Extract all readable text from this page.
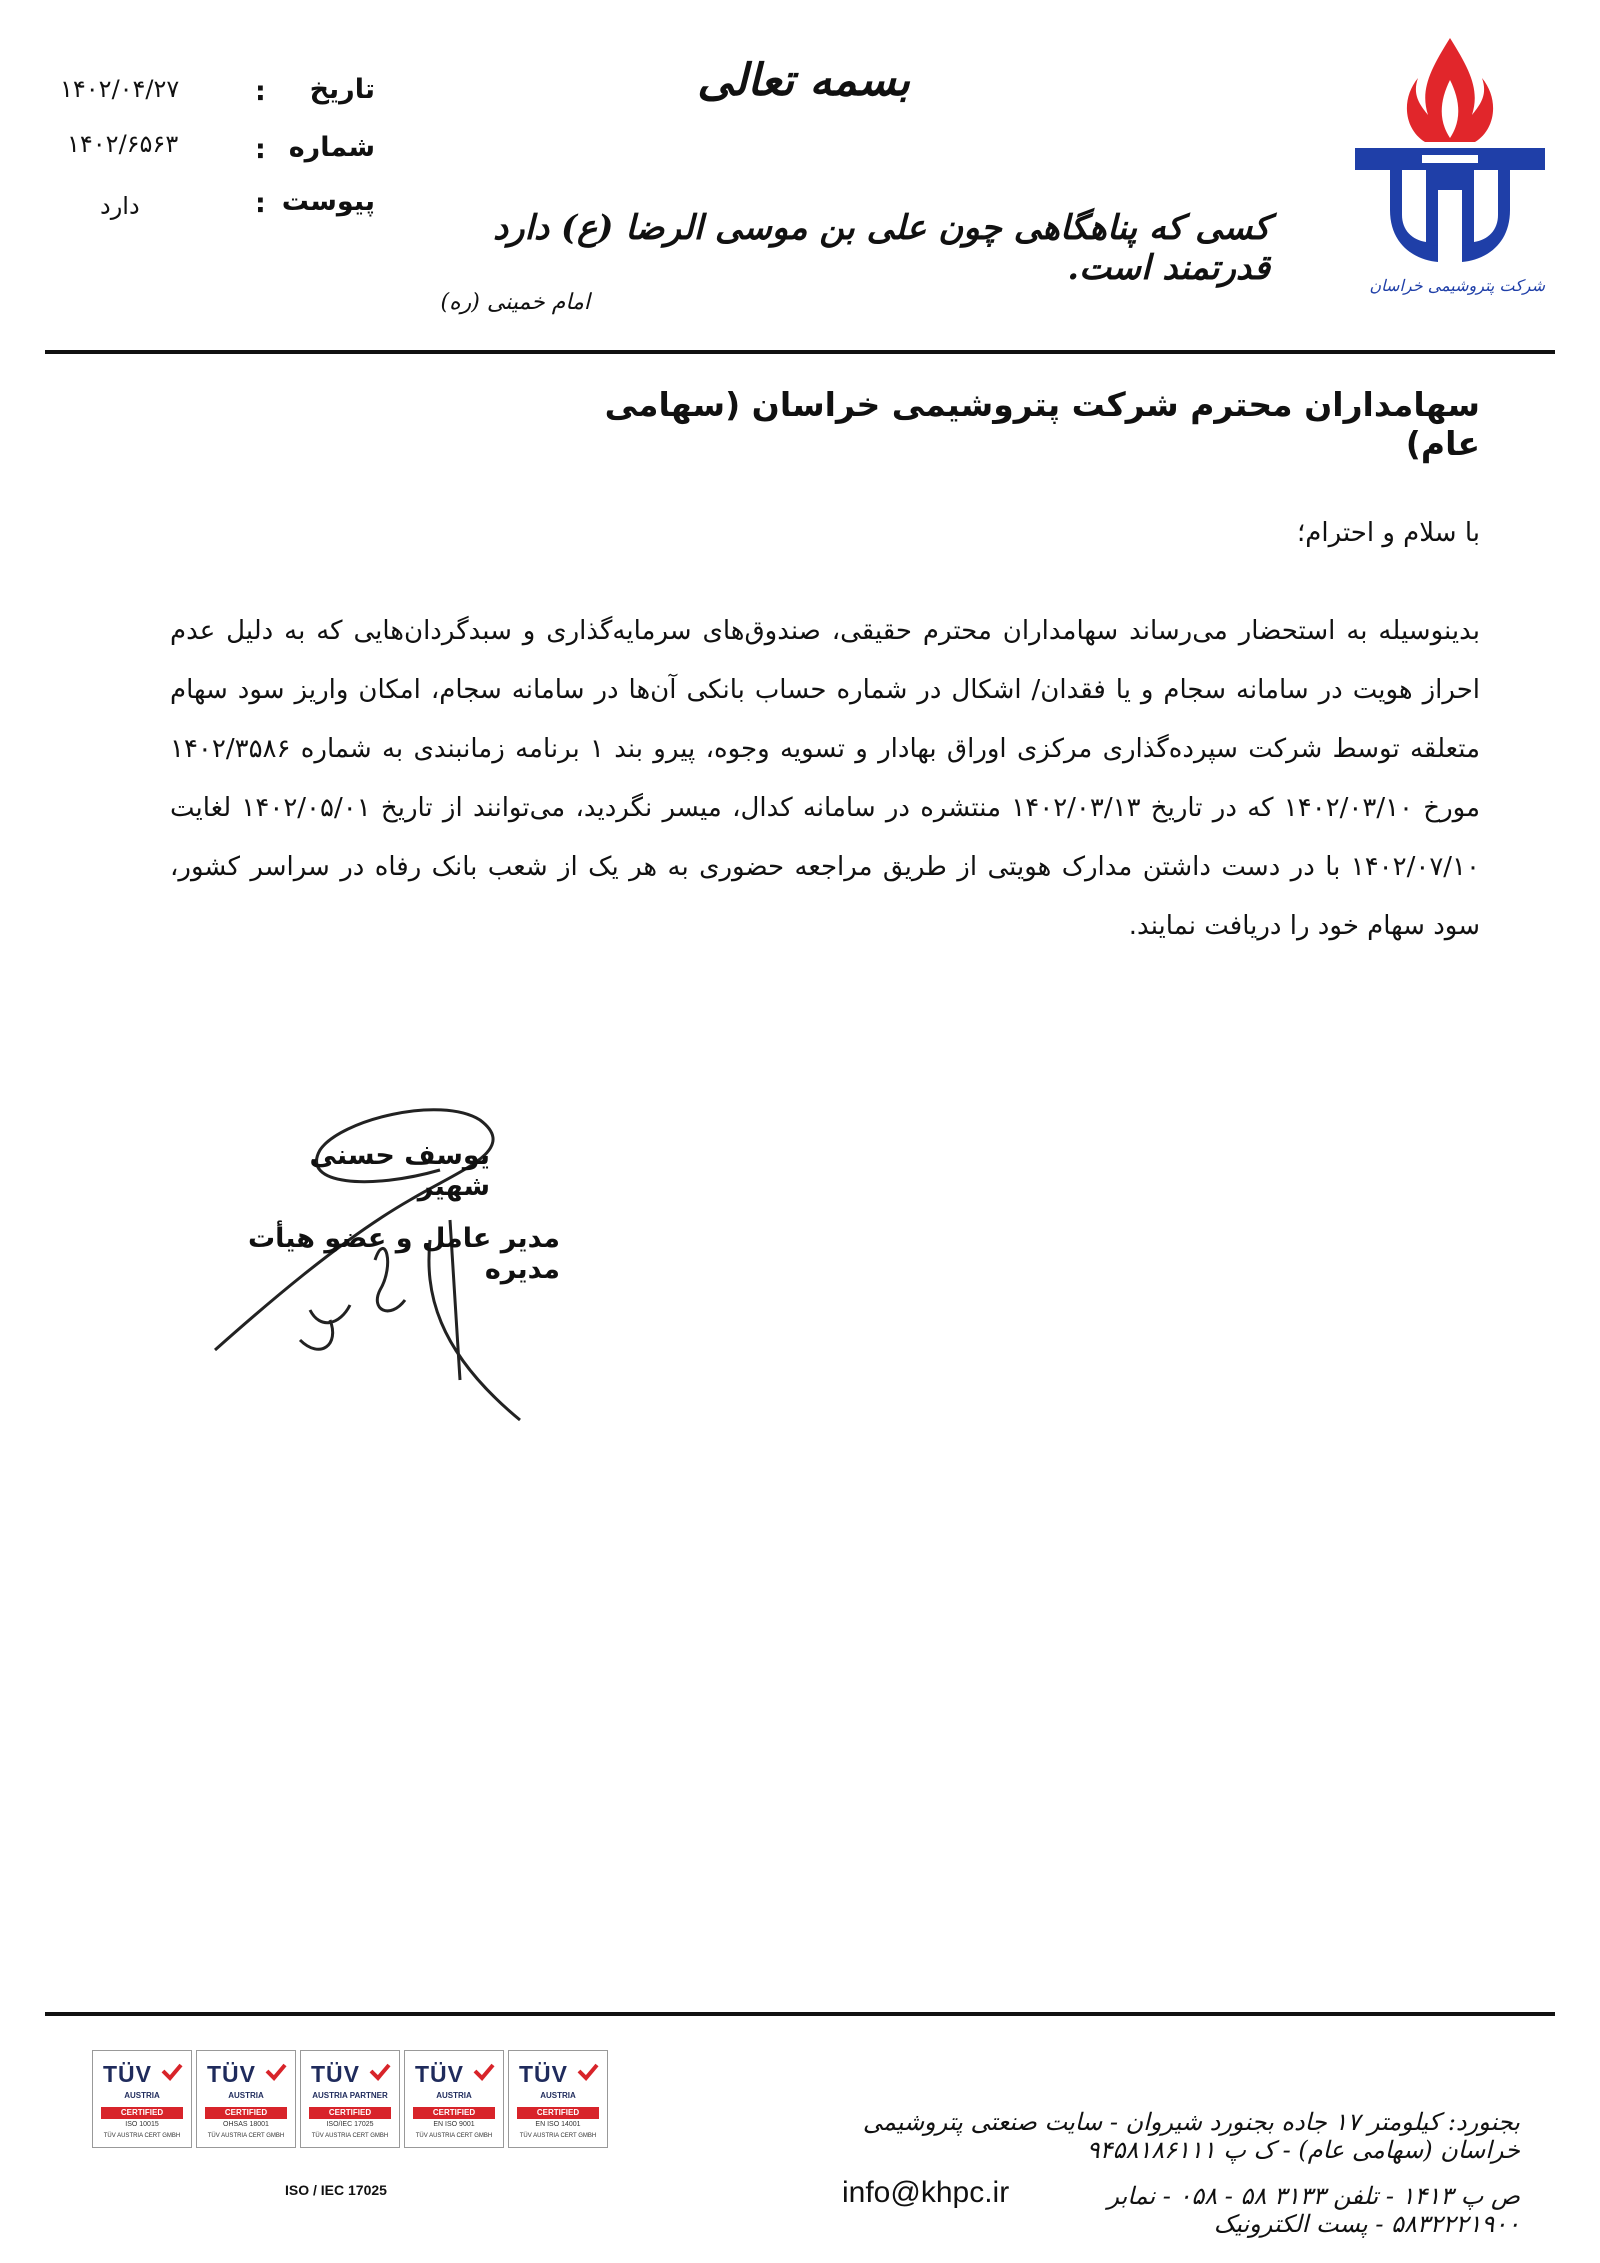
۱۴۰۲/۰۴/۲۷	:	تاریخ
۱۴۰۲/۶۵۶۳	: شماره
دارد	: پیوست
بسمه تعالی
کسی که پناهگاهی چون علی بن موسی الرضا (ع) دارد قدرتمند است.
امام خمینی (ره)
شرکت پتروشیمی خراسان
سهامداران محترم شرکت پتروشیمی خراسان (سهامی عام)
با سلام و احترام؛
بدینوسیله به استحضار می‌رساند سهامداران محترم حقیقی، صندوق‌های سرمایه‌گذاری و سبدگردان‌هایی که به دلیل عدم احراز هویت در سامانه سجام و یا فقدان/ اشکال در شماره حساب بانکی آن‌ها در سامانه سجام، امکان واریز سود سهام متعلقه توسط شرکت سپرده‌گذاری مرکزی اوراق بهادار و تسویه وجوه، پیرو بند ۱ برنامه زمانبندی به شماره ۱۴۰۲/۳۵۸۶ مورخ ۱۴۰۲/۰۳/۱۰ که در تاریخ ۱۴۰۲/۰۳/۱۳ منتشره در سامانه کدال، میسر نگردید، می‌توانند از تاریخ ۱۴۰۲/۰۵/۰۱ لغایت ۱۴۰۲/۰۷/۱۰ با در دست داشتن مدارک هویتی از طریق مراجعه حضوری به هر یک از شعب بانک رفاه در سراسر کشور، سود سهام خود را دریافت نمایند.
یوسف حسنی شهیر
مدیر عامل و عضو هیأت مدیره
TÜV
AUSTRIA
CERTIFIED
ISO 10015
TÜV AUSTRIA CERT GMBH
TÜV
AUSTRIA
CERTIFIED
OHSAS 18001
TÜV AUSTRIA CERT GMBH
TÜV
AUSTRIA PARTNER
CERTIFIED
ISO/IEC 17025
TÜV AUSTRIA CERT GMBH
TÜV
AUSTRIA
CERTIFIED
EN ISO 9001
TÜV AUSTRIA CERT GMBH
TÜV
AUSTRIA
CERTIFIED
EN ISO 14001
TÜV AUSTRIA CERT GMBH
ISO / IEC 17025
بجنورد: کیلومتر ۱۷ جاده بجنورد شیروان - سایت صنعتی پتروشیمی خراسان (سهامی عام) - ک پ ۹۴۵۸۱۸۶۱۱۱
ص پ ۱۴۱۳ - تلفن ۳۱۳۳ ۵۸ - ۰۵۸ - نمابر ۵۸۳۲۲۲۱۹۰۰ - پست الکترونیک
info@khpc.ir
